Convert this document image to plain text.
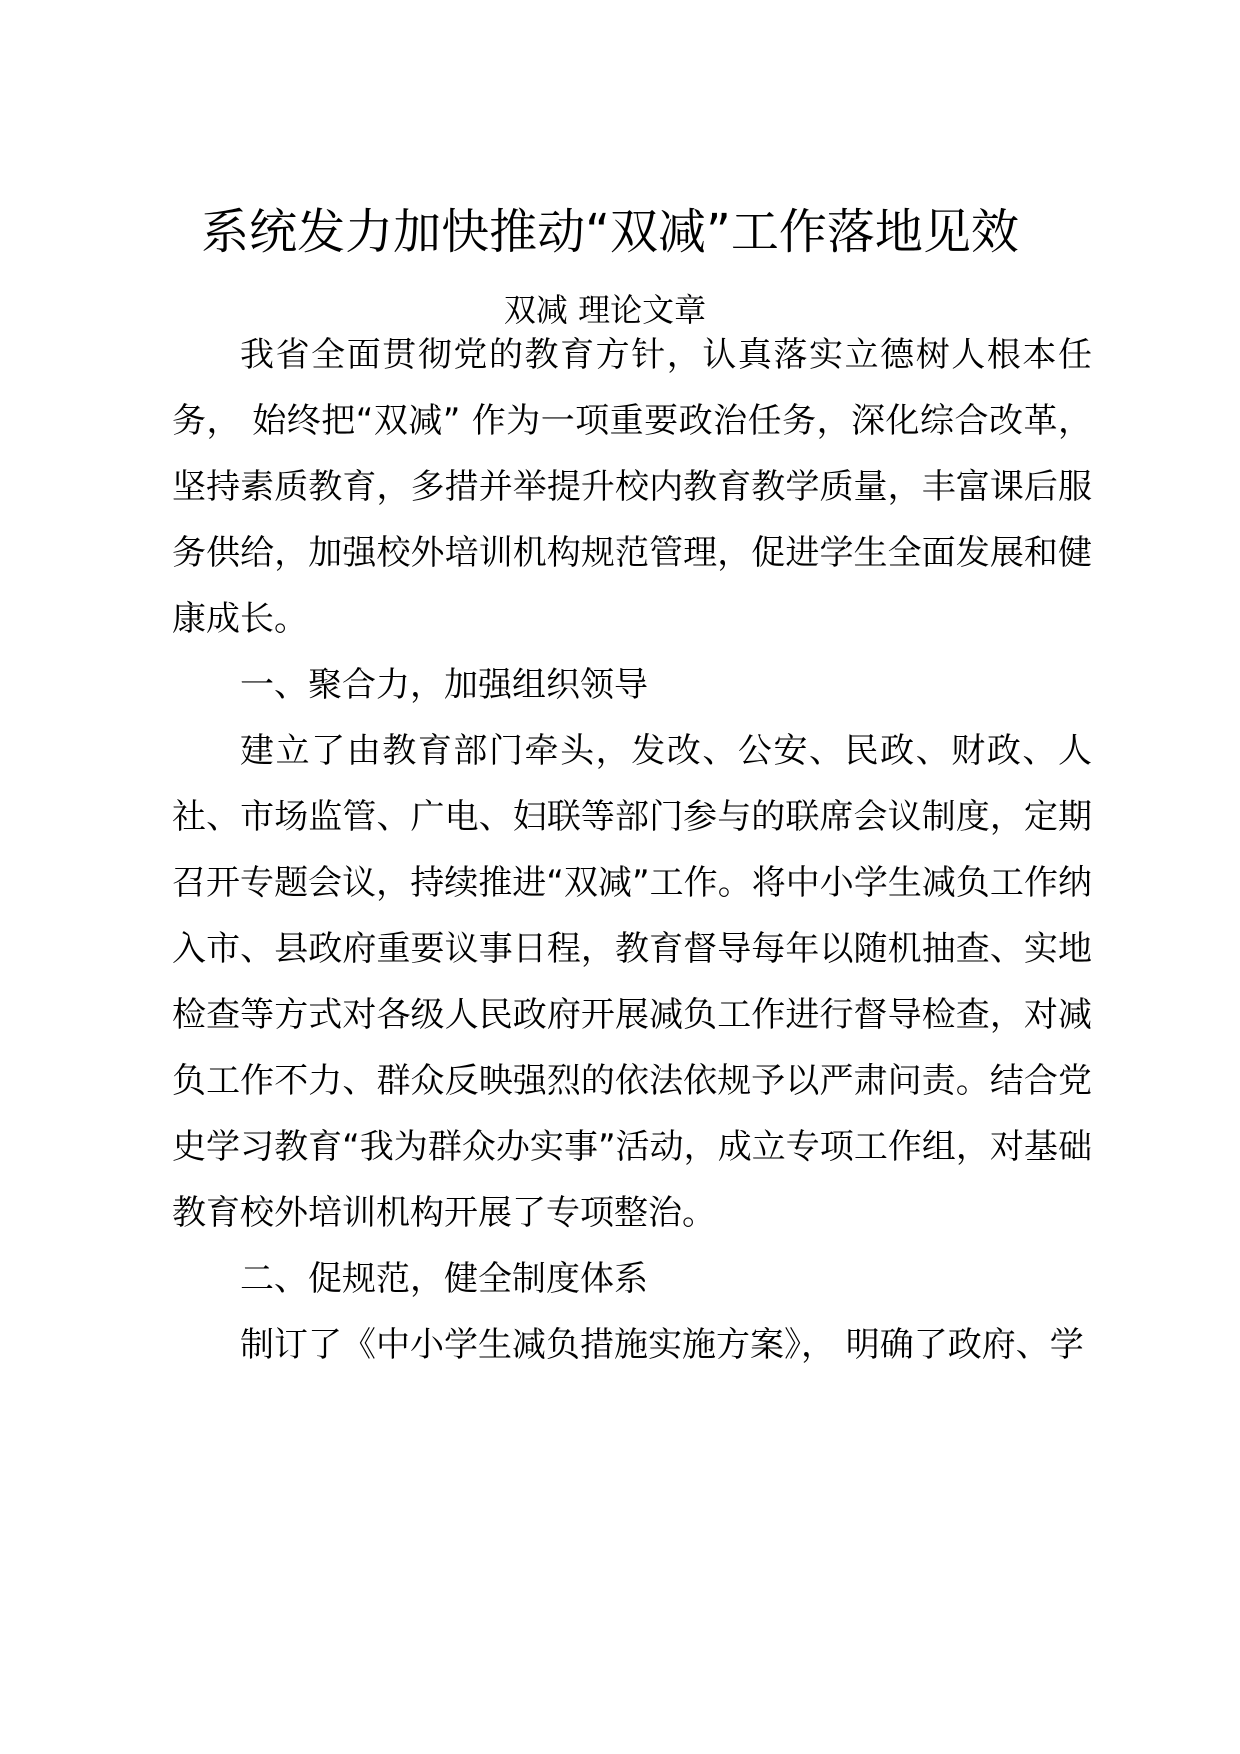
系统发力加快推动“双减”工作落地见效
双减 理论文章

我省全面贯彻党的教育方针，认真落实立德树人根本任务， 始终把“双减” 作为一项重要政治任务，深化综合改革，坚持素质教育，多措并举提升校内教育教学质量，丰富课后服务供给，加强校外培训机构规范管理，促进学生全面发展和健康成长。

一、聚合力，加强组织领导

建立了由教育部门牵头，发改、公安、民政、财政、人社、市场监管、广电、妇联等部门参与的联席会议制度，定期召开专题会议，持续推进“双减”工作。将中小学生减负工作纳入市、县政府重要议事日程，教育督导每年以随机抽查、实地检查等方式对各级人民政府开展减负工作进行督导检查，对减负工作不力、群众反映强烈的依法依规予以严肃问责。结合党史学习教育“我为群众办实事”活动，成立专项工作组，对基础教育校外培训机构开展了专项整治。

二、促规范，健全制度体系

制订了《中小学生减负措施实施方案》， 明确了政府、学
